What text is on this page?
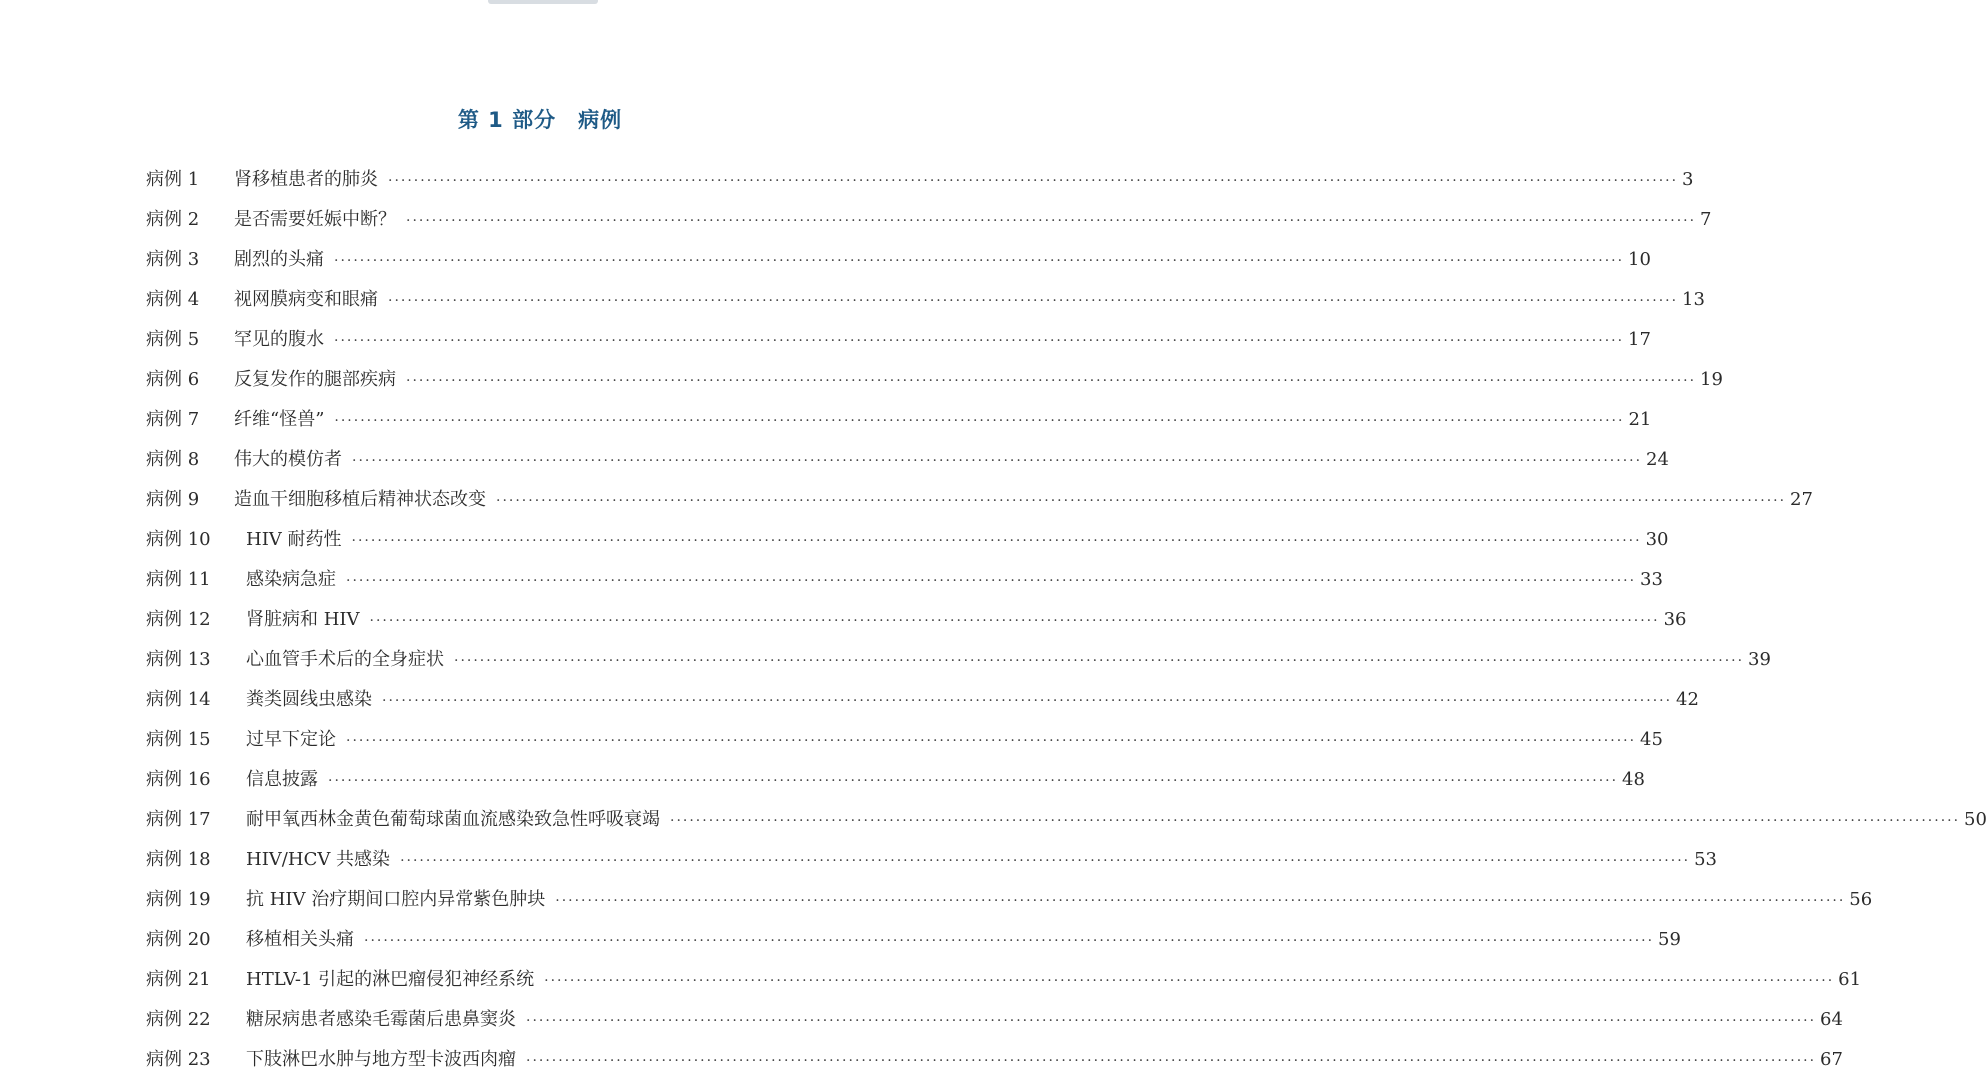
第 1 部分　病例
病例 1	肾移植患者的肺炎 ········································································································································································································ 3
病例 2	是否需要妊娠中断？ ········································································································································································································ 7
病例 3	剧烈的头痛 ········································································································································································································ 10
病例 4	视网膜病变和眼痛 ········································································································································································································ 13
病例 5	罕见的腹水 ········································································································································································································ 17
病例 6	反复发作的腿部疾病 ········································································································································································································ 19
病例 7	纤维“怪兽” ········································································································································································································ 21
病例 8	伟大的模仿者 ········································································································································································································ 24
病例 9	造血干细胞移植后精神状态改变 ········································································································································································································ 27
病例 10	HIV 耐药性 ········································································································································································································ 30
病例 11	感染病急症 ········································································································································································································ 33
病例 12	肾脏病和 HIV ········································································································································································································ 36
病例 13	心血管手术后的全身症状 ········································································································································································································ 39
病例 14	粪类圆线虫感染 ········································································································································································································ 42
病例 15	过早下定论 ········································································································································································································ 45
病例 16	信息披露 ········································································································································································································ 48
病例 17	耐甲氧西林金黄色葡萄球菌血流感染致急性呼吸衰竭 ········································································································································································································ 50
病例 18	HIV/HCV 共感染 ········································································································································································································ 53
病例 19	抗 HIV 治疗期间口腔内异常紫色肿块 ········································································································································································································ 56
病例 20	移植相关头痛 ········································································································································································································ 59
病例 21	HTLV-1 引起的淋巴瘤侵犯神经系统 ········································································································································································································ 61
病例 22	糖尿病患者感染毛霉菌后患鼻窦炎 ········································································································································································································ 64
病例 23	下肢淋巴水肿与地方型卡波西肉瘤 ········································································································································································································ 67
